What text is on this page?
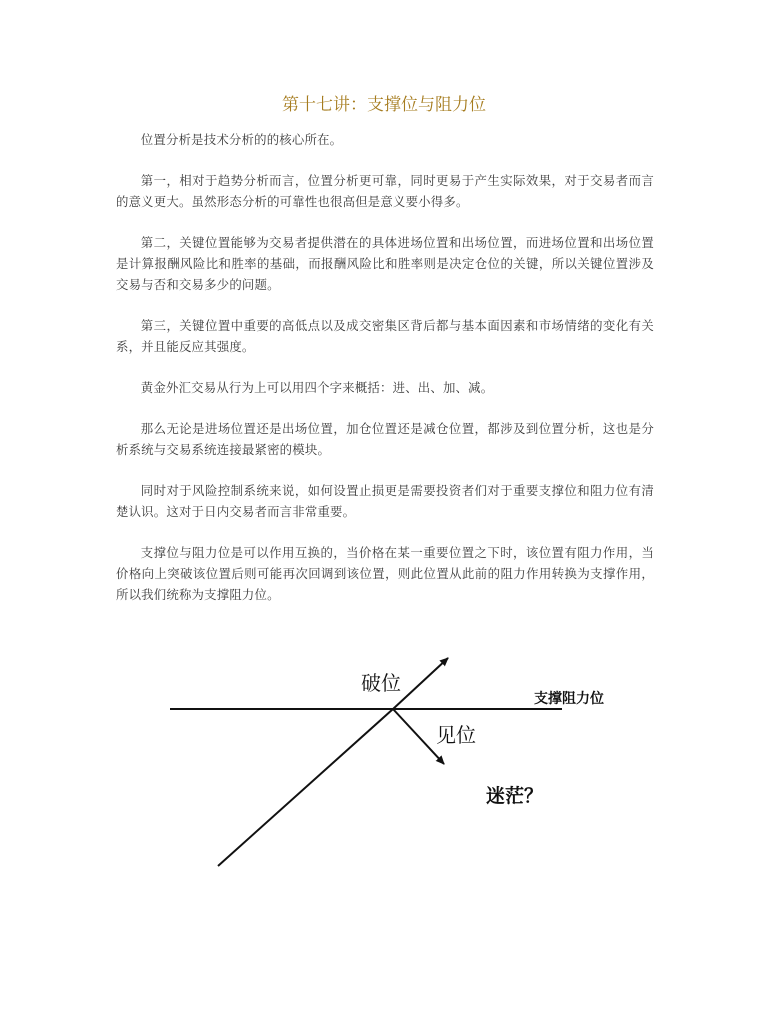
第十七讲：支撑位与阻力位

位置分析是技术分析的的核心所在。

第一，相对于趋势分析而言，位置分析更可靠，同时更易于产生实际效果，对于交易者而言的意义更大。虽然形态分析的可靠性也很高但是意义要小得多。

第二，关键位置能够为交易者提供潜在的具体进场位置和出场位置，而进场位置和出场位置是计算报酬风险比和胜率的基础，而报酬风险比和胜率则是决定仓位的关键，所以关键位置涉及交易与否和交易多少的问题。

第三，关键位置中重要的高低点以及成交密集区背后都与基本面因素和市场情绪的变化有关系，并且能反应其强度。

黄金外汇交易从行为上可以用四个字来概括：进、出、加、减。

那么无论是进场位置还是出场位置，加仓位置还是减仓位置，都涉及到位置分析，这也是分析系统与交易系统连接最紧密的模块。

同时对于风险控制系统来说，如何设置止损更是需要投资者们对于重要支撑位和阻力位有清楚认识。这对于日内交易者而言非常重要。

支撑位与阻力位是可以作用互换的，当价格在某一重要位置之下时，该位置有阻力作用，当价格向上突破该位置后则可能再次回调到该位置，则此位置从此前的阻力作用转换为支撑作用，所以我们统称为支撑阻力位。

破位
支撑阻力位
见位
迷茫？
